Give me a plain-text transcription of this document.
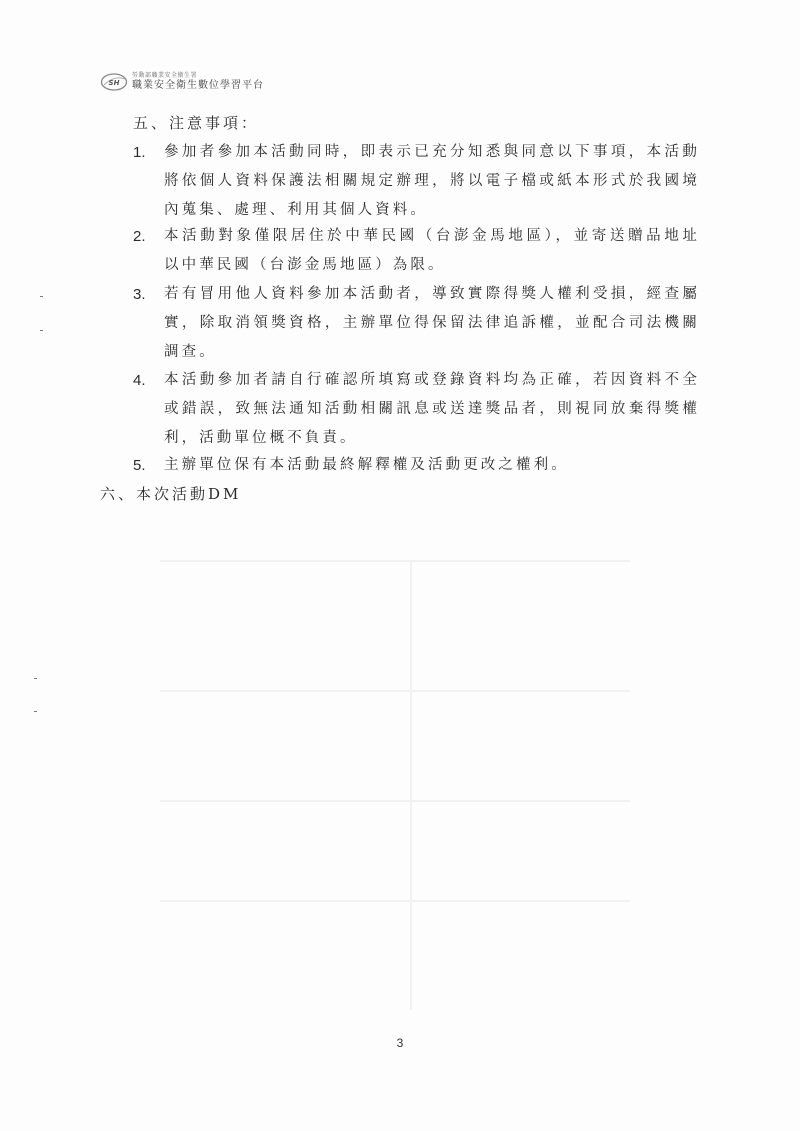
SH
勞動部職業安全衛生署
職業安全衛生數位學習平台
五、注意事項：
1. 參加者參加本活動同時，即表示已充分知悉與同意以下事項，本活動將依個人資料保護法相關規定辦理，將以電子檔或紙本形式於我國境內蒐集、處理、利用其個人資料。
2. 本活動對象僅限居住於中華民國（台澎金馬地區），並寄送贈品地址以中華民國（台澎金馬地區）為限。
3. 若有冒用他人資料參加本活動者，導致實際得獎人權利受損，經查屬實，除取消領獎資格，主辦單位得保留法律追訴權，並配合司法機關調查。
4. 本活動參加者請自行確認所填寫或登錄資料均為正確，若因資料不全或錯誤，致無法通知活動相關訊息或送達獎品者，則視同放棄得獎權利，活動單位概不負責。
5. 主辦單位保有本活動最終解釋權及活動更改之權利。
六、本次活動DM
3
